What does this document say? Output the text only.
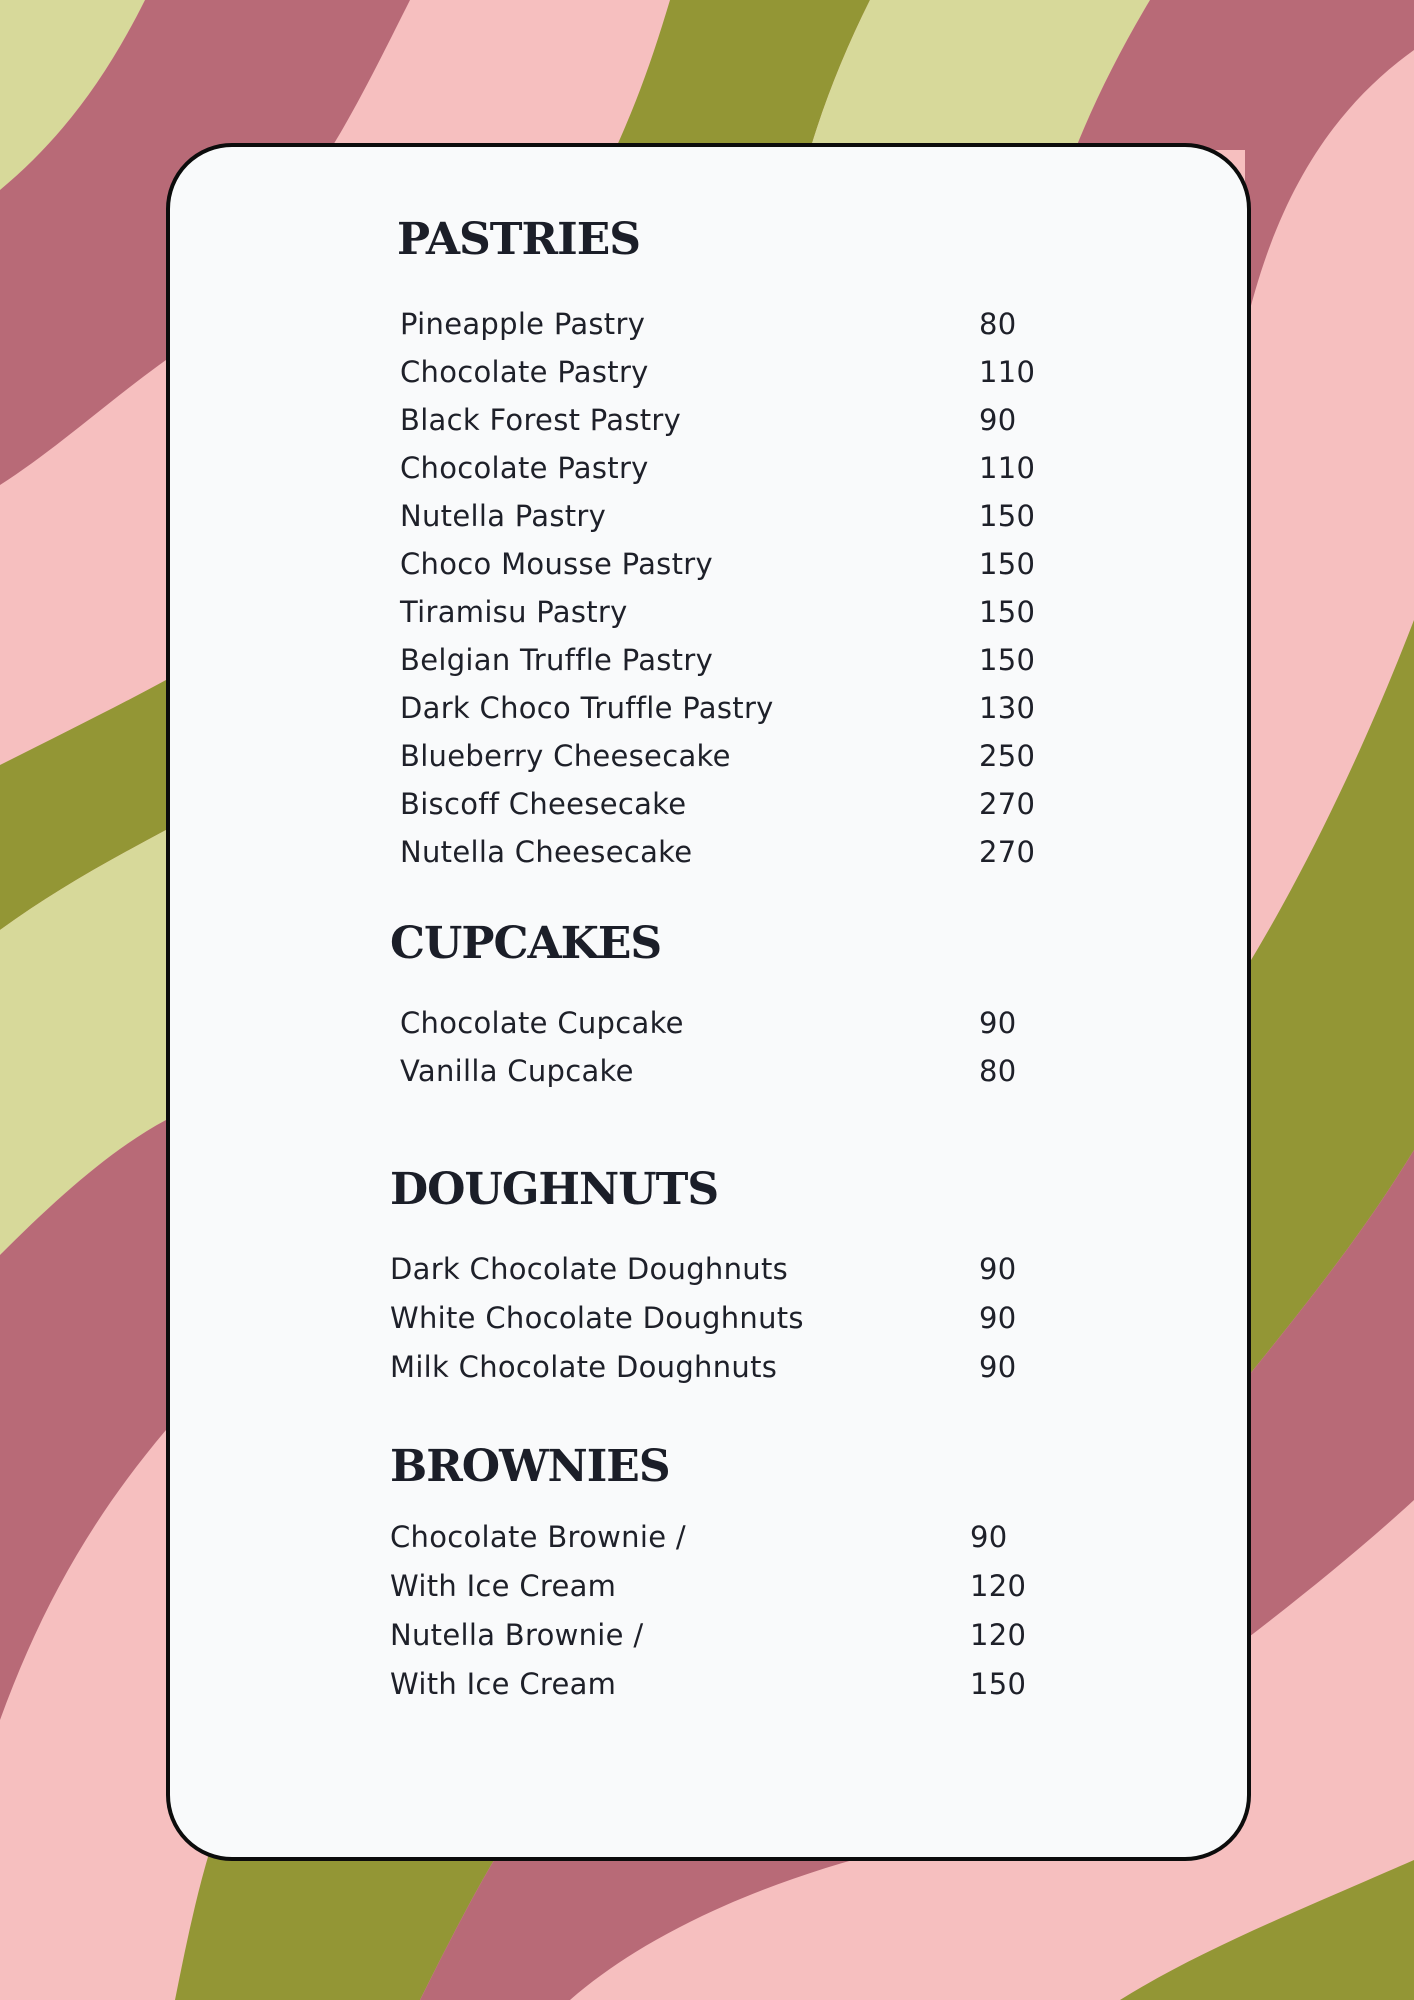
PASTRIES
Pineapple Pastry	80
Chocolate Pastry	110
Black Forest Pastry	90
Chocolate Pastry	110
Nutella Pastry	150
Choco Mousse Pastry	150
Tiramisu Pastry	150
Belgian Truffle Pastry	150
Dark Choco Truffle Pastry	130
Blueberry Cheesecake	250
Biscoff Cheesecake	270
Nutella Cheesecake	270
CUPCAKES
Chocolate Cupcake	90
Vanilla Cupcake	80
DOUGHNUTS
Dark Chocolate Doughnuts	90
White Chocolate Doughnuts	90
Milk Chocolate Doughnuts	90
BROWNIES
Chocolate Brownie /	90
With Ice Cream	120
Nutella Brownie /	120
With Ice Cream	150
